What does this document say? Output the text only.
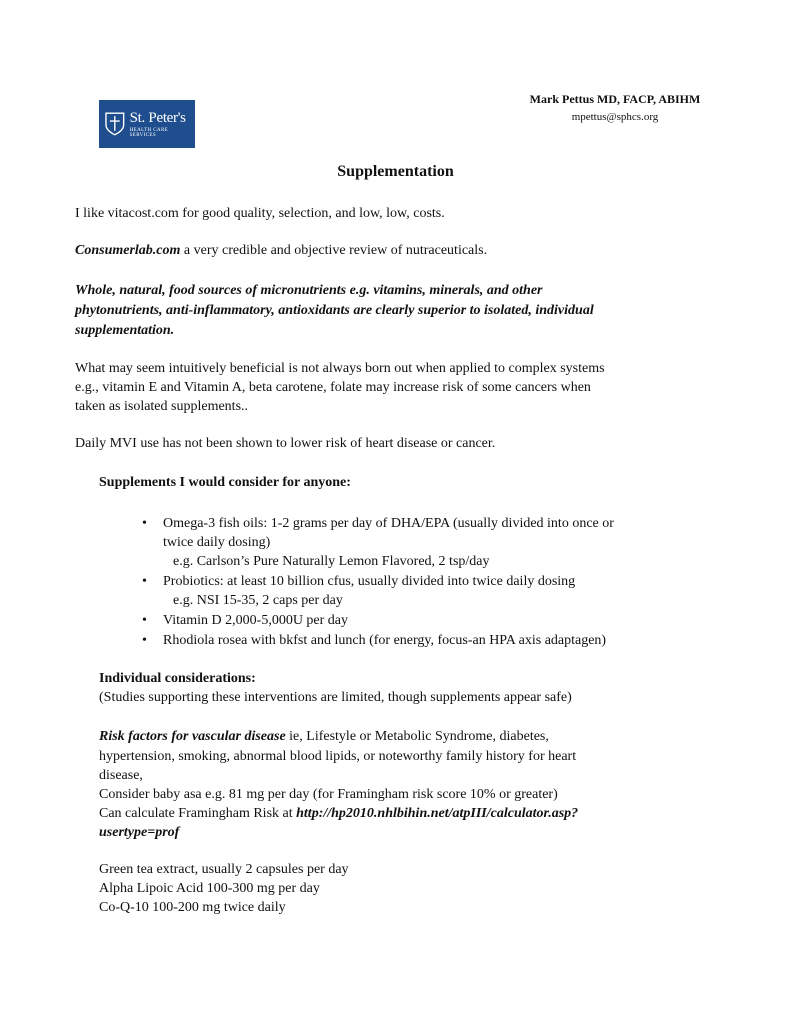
St. Peter's
HEALTH CARE SERVICES
Mark Pettus MD, FACP, ABIHM
mpettus@sphcs.org
Supplementation
I like vitacost.com for good quality, selection, and low, low, costs.
Consumerlab.com a very credible and objective review of nutraceuticals.
Whole, natural, food sources of micronutrients e.g. vitamins, minerals, and other
phytonutrients, anti-inflammatory, antioxidants are clearly superior to isolated, individual
supplementation.
What may seem intuitively beneficial is not always born out when applied to complex systems
e.g., vitamin E and Vitamin A, beta carotene, folate may increase risk of some cancers when
taken as isolated supplements..
Daily MVI use has not been shown to lower risk of heart disease or cancer.
Supplements I would consider for anyone:
• Omega-3 fish oils: 1-2 grams per day of DHA/EPA (usually divided into once or
twice daily dosing)
e.g. Carlson’s Pure Naturally Lemon Flavored, 2 tsp/day
• Probiotics: at least 10 billion cfus, usually divided into twice daily dosing
e.g. NSI 15-35, 2 caps per day
• Vitamin D 2,000-5,000U per day
• Rhodiola rosea with bkfst and lunch (for energy, focus-an HPA axis adaptagen)
Individual considerations:
(Studies supporting these interventions are limited, though supplements appear safe)
Risk factors for vascular disease ie, Lifestyle or Metabolic Syndrome, diabetes,
hypertension, smoking, abnormal blood lipids, or noteworthy family history for heart
disease,
Consider baby asa e.g. 81 mg per day (for Framingham risk score 10% or greater)
Can calculate Framingham Risk at http://hp2010.nhlbihin.net/atpIII/calculator.asp?
usertype=prof
Green tea extract, usually 2 capsules per day
Alpha Lipoic Acid 100-300 mg per day
Co-Q-10 100-200 mg twice daily
